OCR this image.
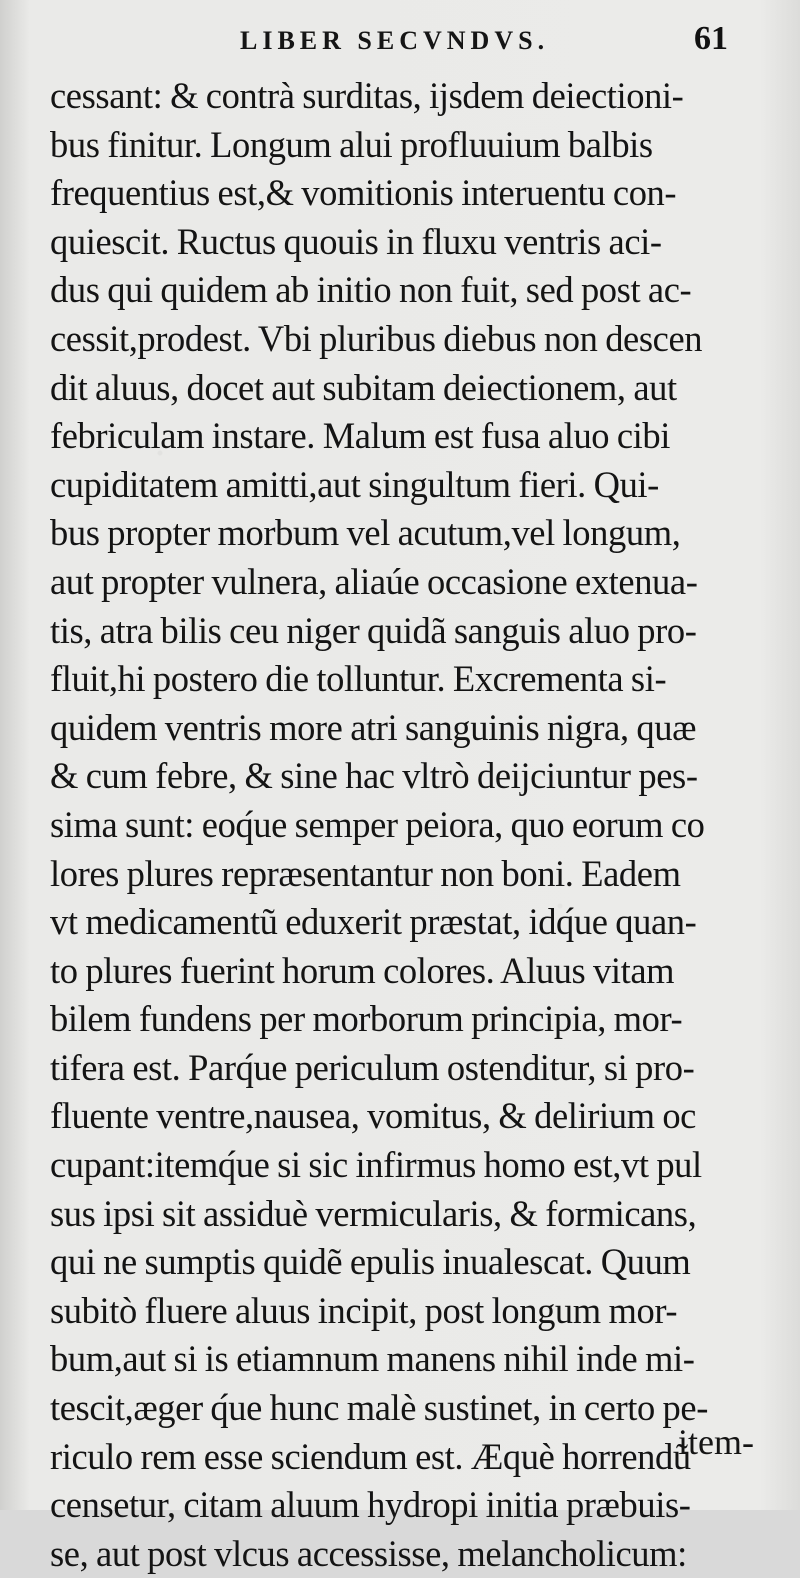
LIBER SECVNDVS.	61
cessant: & contrà surditas, ijsdem deiectioni-
bus finitur. Longum alui profluuium balbis
frequentius est,& vomitionis interuentu con-
quiescit. Ructus quouis in fluxu ventris aci-
dus qui quidem ab initio non fuit, sed post ac-
cessit,prodest. Vbi pluribus diebus non descen
dit aluus, docet aut subitam deiectionem, aut
febriculam instare. Malum est fusa aluo cibi
cupiditatem amitti,aut singultum fieri. Qui-
bus propter morbum vel acutum,vel longum,
aut propter vulnera, aliaúe occasione extenua-
tis, atra bilis ceu niger quidã sanguis aluo pro-
fluit,hi postero die tolluntur. Excrementa si-
quidem ventris more atri sanguinis nigra, quæ
& cum febre, & sine hac vltrò deijciuntur pes-
sima sunt: eoq́ue semper peiora, quo eorum co
lores plures repræsentantur non boni. Eadem
vt medicamentũ eduxerit præstat, idq́ue quan-
to plures fuerint horum colores. Aluus vitam
bilem fundens per morborum principia, mor-
tifera est. Parq́ue periculum ostenditur, si pro-
fluente ventre,nausea, vomitus, & delirium oc
cupant:itemq́ue si sic infirmus homo est,vt pul
sus ipsi sit assiduè vermicularis, & formicans,
qui ne sumptis quidẽ epulis inualescat. Quum
subitò fluere aluus incipit, post longum mor-
bum,aut si is etiamnum manens nihil inde mi-
tescit,æger q́ue hunc malè sustinet, in certo pe-
riculo rem esse sciendum est. Æquè horrendũ
censetur, citam aluum hydropi initia præbuis-
se, aut post vlcus accessisse, melancholicum:
item-
